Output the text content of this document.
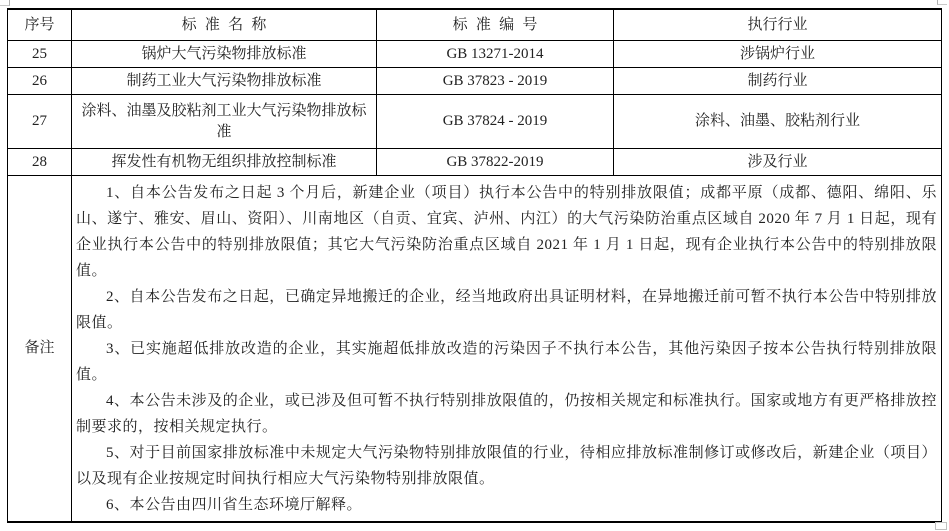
序号	标准名称	标准编号	执行行业
25	锅炉大气污染物排放标准	GB 13271-2014	涉锅炉行业
26	制药工业大气污染物排放标准	GB 37823 - 2019	制药行业
27	涂料、油墨及胶粘剂工业大气污染物排放标准	GB 37824 - 2019	涂料、油墨、胶粘剂行业
28	挥发性有机物无组织排放控制标准	GB 37822-2019	涉及行业
备注	

1、自本公告发布之日起 3 个月后，新建企业（项目）执行本公告中的特别排放限值；成都平原（成都、德阳、绵阳、乐山、遂宁、雅安、眉山、资阳）、川南地区（自贡、宜宾、泸州、内江）的大气污染防治重点区域自 2020 年 7 月 1 日起，现有企业执行本公告中的特别排放限值；其它大气污染防治重点区域自 2021 年 1 月 1 日起，现有企业执行本公告中的特别排放限值。

2、自本公告发布之日起，已确定异地搬迁的企业，经当地政府出具证明材料，在异地搬迁前可暂不执行本公告中特别排放限值。

3、已实施超低排放改造的企业，其实施超低排放改造的污染因子不执行本公告，其他污染因子按本公告执行特别排放限值。

4、本公告未涉及的企业，或已涉及但可暂不执行特别排放限值的，仍按相关规定和标准执行。国家或地方有更严格排放控制要求的，按相关规定执行。

5、对于目前国家排放标准中未规定大气污染物特别排放限值的行业，待相应排放标准制修订或修改后，新建企业（项目）以及现有企业按规定时间执行相应大气污染物特别排放限值。

6、本公告由四川省生态环境厅解释。
